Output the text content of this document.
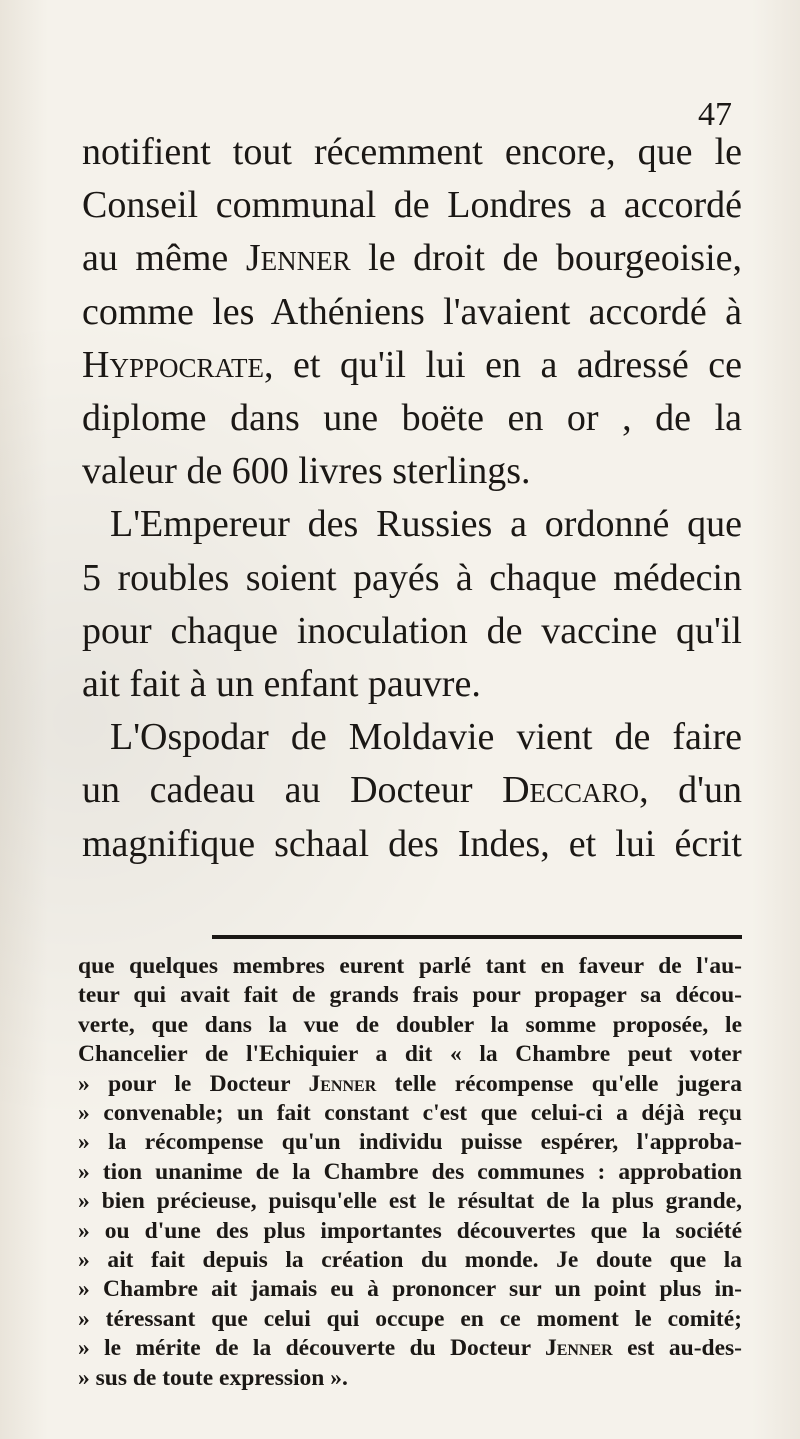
47
notifient tout récemment encore, que le
Conseil communal de Londres a accordé
au même Jenner le droit de bourgeoisie,
comme les Athéniens l'avaient accordé à
Hyppocrate, et qu'il lui en a adressé ce
diplome dans une boëte en or , de la
valeur de 600 livres sterlings.
L'Empereur des Russies a ordonné que
5 roubles soient payés à chaque médecin
pour chaque inoculation de vaccine qu'il
ait fait à un enfant pauvre.
L'Ospodar de Moldavie vient de faire
un cadeau au Docteur Deccaro, d'un
magnifique schaal des Indes, et lui écrit
que quelques membres eurent parlé tant en faveur de l'au-
teur qui avait fait de grands frais pour propager sa décou-
verte, que dans la vue de doubler la somme proposée, le
Chancelier de l'Echiquier a dit « la Chambre peut voter
» pour le Docteur Jenner telle récompense qu'elle jugera
» convenable; un fait constant c'est que celui-ci a déjà reçu
» la récompense qu'un individu puisse espérer, l'approba-
» tion unanime de la Chambre des communes : approbation
» bien précieuse, puisqu'elle est le résultat de la plus grande,
» ou d'une des plus importantes découvertes que la société
» ait fait depuis la création du monde. Je doute que la
» Chambre ait jamais eu à prononcer sur un point plus in-
» téressant que celui qui occupe en ce moment le comité;
» le mérite de la découverte du Docteur Jenner est au-des-
» sus de toute expression ».
